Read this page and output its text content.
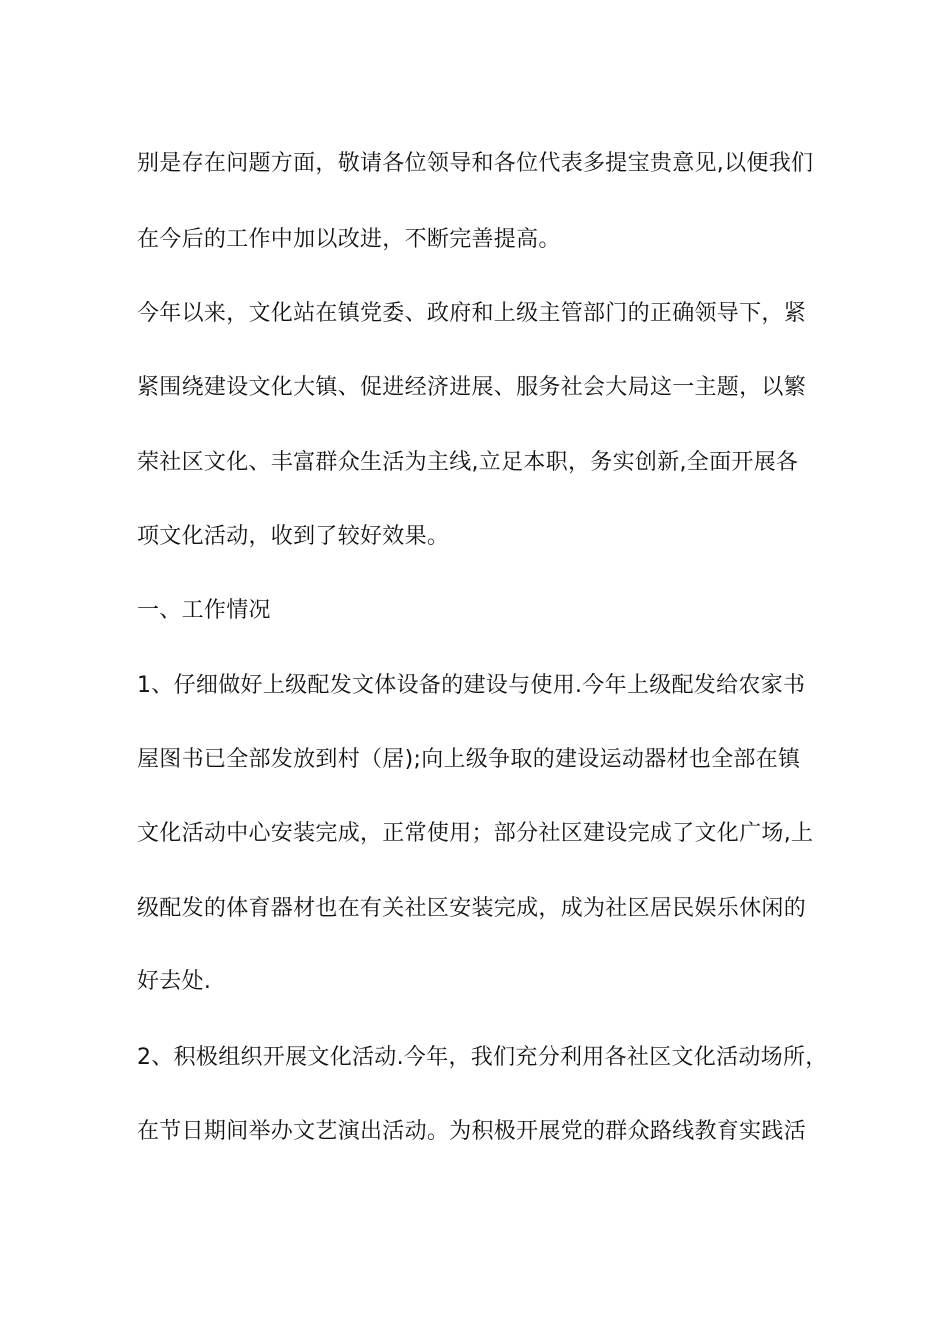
别是存在问题方面，敬请各位领导和各位代表多提宝贵意见,以便我们
在今后的工作中加以改进，不断完善提高。
今年以来，文化站在镇党委、政府和上级主管部门的正确领导下，紧
紧围绕建设文化大镇、促进经济进展、服务社会大局这一主题，以繁
荣社区文化、丰富群众生活为主线,立足本职，务实创新,全面开展各
项文化活动，收到了较好效果。
一、工作情况
1、仔细做好上级配发文体设备的建设与使用.今年上级配发给农家书
屋图书已全部发放到村（居);向上级争取的建设运动器材也全部在镇
文化活动中心安装完成，正常使用；部分社区建设完成了文化广场,上
级配发的体育器材也在有关社区安装完成，成为社区居民娱乐休闲的
好去处.
2、积极组织开展文化活动.今年，我们充分利用各社区文化活动场所，
在节日期间举办文艺演出活动。为积极开展党的群众路线教育实践活
